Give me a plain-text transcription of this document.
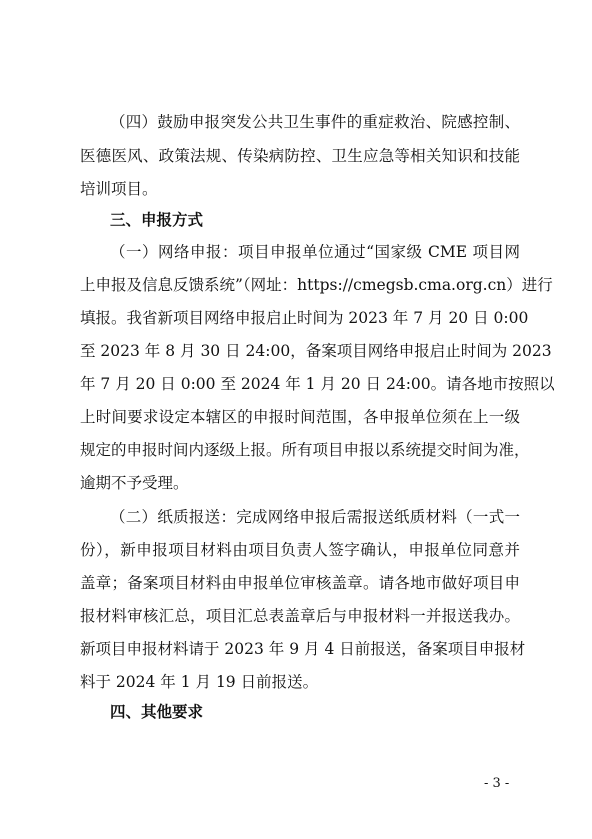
（四）鼓励申报突发公共卫生事件的重症救治、院感控制、
医德医风、政策法规、传染病防控、卫生应急等相关知识和技能
培训项目。
三、申报方式
（一）网络申报：项目申报单位通过“国家级 CME 项目网
上申报及信息反馈系统”（网址：https://cmegsb.cma.org.cn）进行
填报。我省新项目网络申报启止时间为 2023 年 7 月 20 日 0:00
至 2023 年 8 月 30 日 24:00，备案项目网络申报启止时间为 2023
年 7 月 20 日 0:00 至 2024 年 1 月 20 日 24:00。请各地市按照以
上时间要求设定本辖区的申报时间范围，各申报单位须在上一级
规定的申报时间内逐级上报。所有项目申报以系统提交时间为准，
逾期不予受理。
（二）纸质报送：完成网络申报后需报送纸质材料（一式一
份），新申报项目材料由项目负责人签字确认，申报单位同意并
盖章；备案项目材料由申报单位审核盖章。请各地市做好项目申
报材料审核汇总，项目汇总表盖章后与申报材料一并报送我办。
新项目申报材料请于 2023 年 9 月 4 日前报送，备案项目申报材
料于 2024 年 1 月 19 日前报送。
四、其他要求
- 3 -
